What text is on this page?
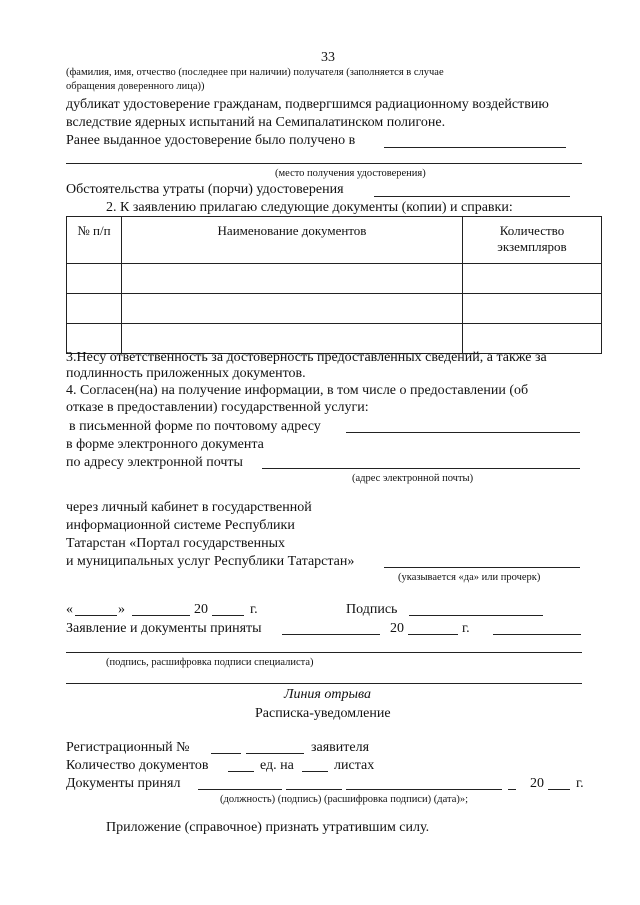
33
(фамилия, имя, отчество (последнее при наличии) получателя (заполняется в случае
обращения доверенного лица))
дубликат удостоверение гражданам, подвергшимся радиационному воздействию
вследствие ядерных испытаний на Семипалатинском полигоне.
Ранее выданное удостоверение было получено в
(место получения удостоверения)
Обстоятельства утраты (порчи) удостоверения
2. К заявлению прилагаю следующие документы (копии) и справки:
№ п/п	Наименование документов	Количество
экземпляров

3.Несу ответственность за достоверность предоставленных сведений, а также за
подлинность приложенных документов.
4. Согласен(на) на получение информации, в том числе о предоставлении (об
отказе в предоставлении) государственной услуги:
в письменной форме по почтовому адресу
в форме электронного документа
по адресу электронной почты
(адрес электронной почты)
через личный кабинет в государственной
информационной системе Республики
Татарстан «Портал государственных
и муниципальных услуг Республики Татарстан»
(указывается «да» или прочерк)
«	»	20	г.	Подпись
Заявление и документы приняты	20	г.
(подпись, расшифровка подписи специалиста)
Линия отрыва
Расписка-уведомление
Регистрационный №	заявителя
Количество документов	ед. на	листах
Документы принял	20 г.
(должность) (подпись) (расшифровка подписи) (дата)»;
Приложение (справочное) признать утратившим силу.
